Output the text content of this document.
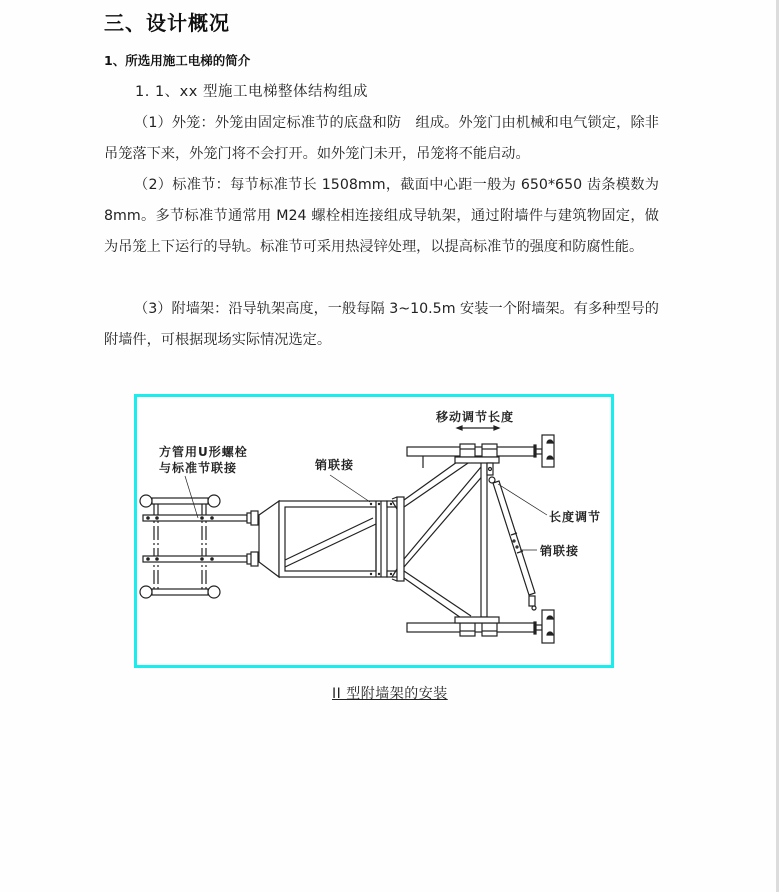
三、设计概况
1、所选用施工电梯的简介
1. 1、xx 型施工电梯整体结构组成
（1）外笼：外笼由固定标准节的底盘和防　组成。外笼门由机械和电气锁定，除非吊笼落下来，外笼门将不会打开。如外笼门未开，吊笼将不能启动。
（2）标准节：每节标准节长 1508mm，截面中心距一般为 650*650 齿条模数为 8mm。多节标准节通常用 M24 螺栓相连接组成导轨架，通过附墙件与建筑物固定，做为吊笼上下运行的导轨。标准节可采用热浸锌处理，以提高标准节的强度和防腐性能。
（3）附墙架：沿导轨架高度，一般每隔 3~10.5m 安装一个附墙架。有多种型号的附墙件，可根据现场实际情况选定。
方管用U形螺栓
与标准节联接	销联接
移动调节长度
长度调节
销联接
II 型附墙架的安装
